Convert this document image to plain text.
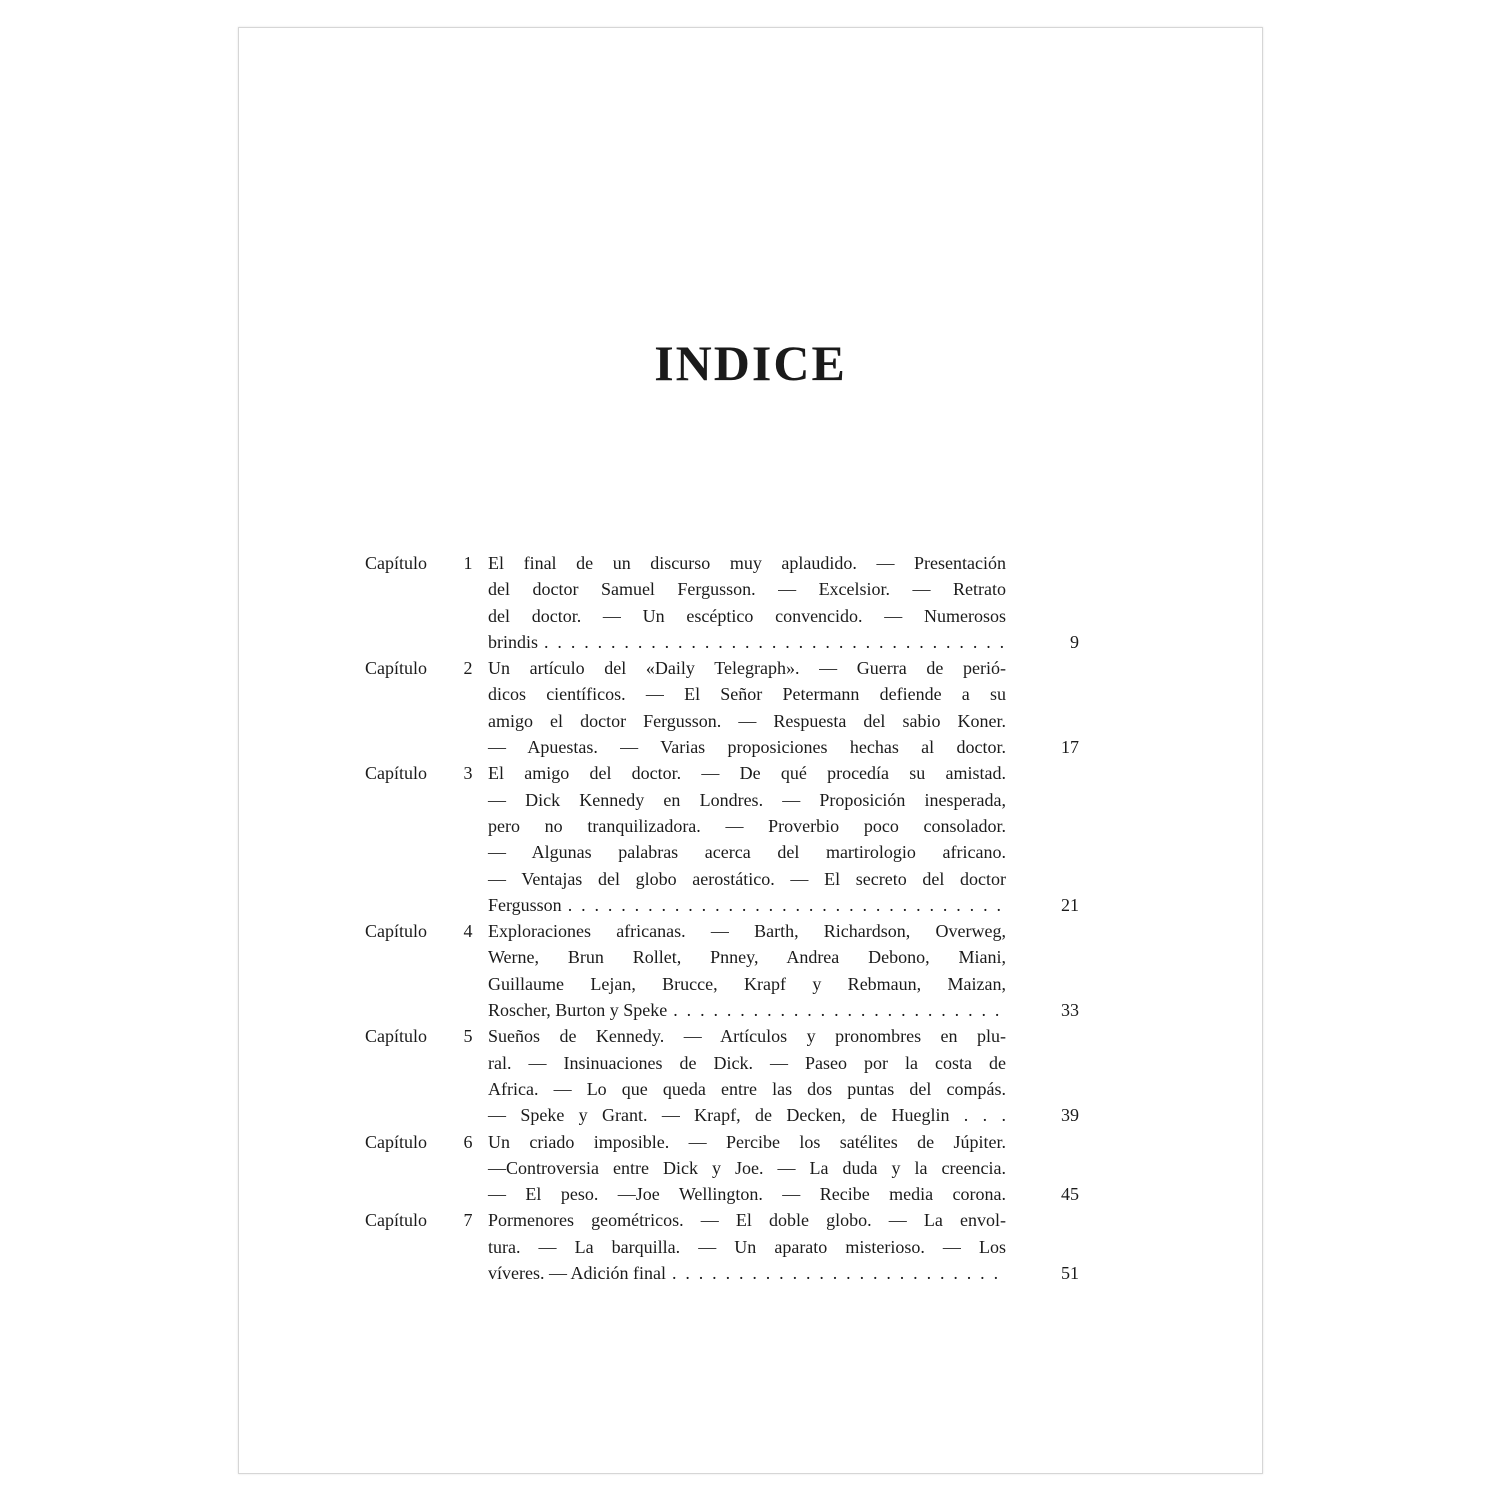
INDICE
Capítulo 1 El final de un discurso muy aplaudido. — Presentación
del doctor Samuel Fergusson. — Excelsior. — Retrato
del doctor. — Un escéptico convencido. — Numerosos
brindis . . .	9
Capítulo 2 Un artículo del «Daily Telegraph». — Guerra de perió-
dicos científicos. — El Señor Petermann defiende a su
amigo el doctor Fergusson. — Respuesta del sabio Koner.
— Apuestas. — Varias proposiciones hechas al doctor.	17
Capítulo 3 El amigo del doctor. — De qué procedía su amistad.
— Dick Kennedy en Londres. — Proposición inesperada,
pero no tranquilizadora. — Proverbio poco consolador.
— Algunas palabras acerca del martirologio africano.
— Ventajas del globo aerostático. — El secreto del doctor
Fergusson . . .	21
Capítulo 4 Exploraciones africanas. — Barth, Richardson, Overweg,
Werne, Brun Rollet, Pnney, Andrea Debono, Miani,
Guillaume Lejan, Brucce, Krapf y Rebmaun, Maizan,
Roscher, Burton y Speke . . .	33
Capítulo 5 Sueños de Kennedy. — Artículos y pronombres en plu-
ral. — Insinuaciones de Dick. — Paseo por la costa de
Africa. — Lo que queda entre las dos puntas del compás.
— Speke y Grant. — Krapf, de Decken, de Hueglin . . .	39
Capítulo 6 Un criado imposible. — Percibe los satélites de Júpiter.
—Controversia entre Dick y Joe. — La duda y la creencia.
— El peso. —Joe Wellington. — Recibe media corona.	45
Capítulo 7 Pormenores geométricos. — El doble globo. — La envol-
tura. — La barquilla. — Un aparato misterioso. — Los
víveres. — Adición final . . .	51
